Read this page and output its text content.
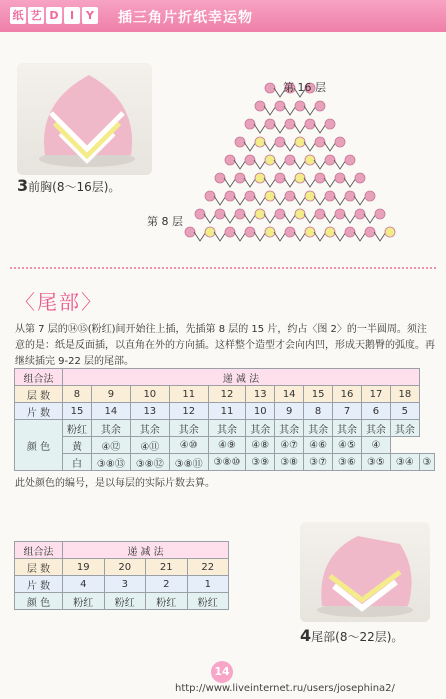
纸 艺 D	I	Y 插三角片折纸幸运物
3前胸(8～16层)。
第 16 层
第 8 层
〈尾部〉
从第 7 层的⑭⑮(粉红)间开始往上插，先插第 8 层的 15 片，约占〈图 2〉的一半圆周。须注意的是：纸是反面插，以直角在外的方向插。这样整个造型才会向内凹，形成天鹅臀的弧度。再继续插完 9-22 层的尾部。
组合法	递 减 法											
层 数	8	9	10	11	12	13	14	15	16	17	18	
片 数	15	14	13	12	11	10	9	8	7	6	5	
颜 色	粉红	其余	其余	其余	其余	其余	其余	其余	其余	其余	其余	
	黄	④⑫	④⑪	④⑩	④⑨	④⑧	④⑦	④⑥	④⑤	④		
	白	③⑧⑬	③⑧⑫	③⑧⑪	③⑧⑩	③⑨	③⑧	③⑦	③⑥	③⑤	③④	③
此处颜色的编号，是以每层的实际片数去算。
组合法	递 减 法			
层 数	19	20	21	22
片 数	4	3	2	1
颜 色	粉红	粉红	粉红	粉红
4尾部(8～22层)。
14
http://www.liveinternet.ru/users/josephina2/
